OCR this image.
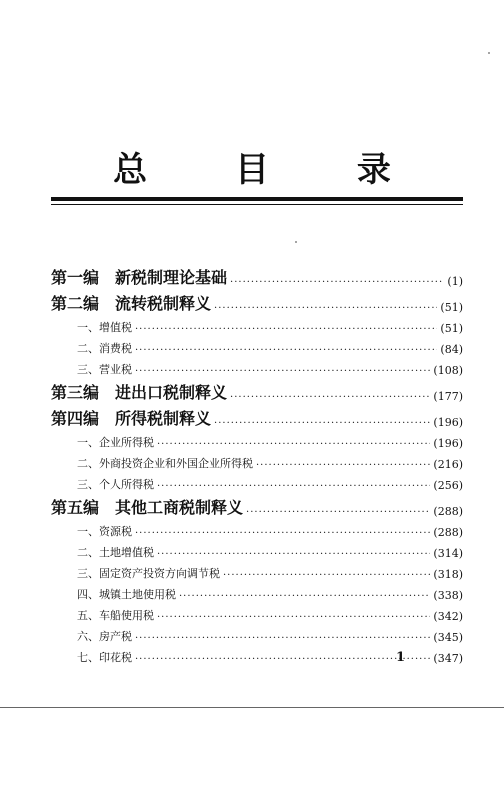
总 目 录
第一编 新税制理论基础 ·····	(1)
第二编 流转税制释义 ·····	(51)
一、增值税 ·····	(51)
二、消费税 ·····	(84)
三、营业税 ·····	(108)
第三编 进出口税制释义 ·····	(177)
第四编 所得税制释义 ·····	(196)
一、企业所得税 ·····	(196)
二、外商投资企业和外国企业所得税 ·····	(216)
三、个人所得税 ·····	(256)
第五编 其他工商税制释义 ·····	(288)
一、资源税 ·····	(288)
二、土地增值税 ·····	(314)
三、固定资产投资方向调节税 ·····	(318)
四、城镇土地使用税 ·····	(338)
五、车船使用税 ·····	(342)
六、房产税 ·····	(345)
七、印花税 ·····	(347)
1
